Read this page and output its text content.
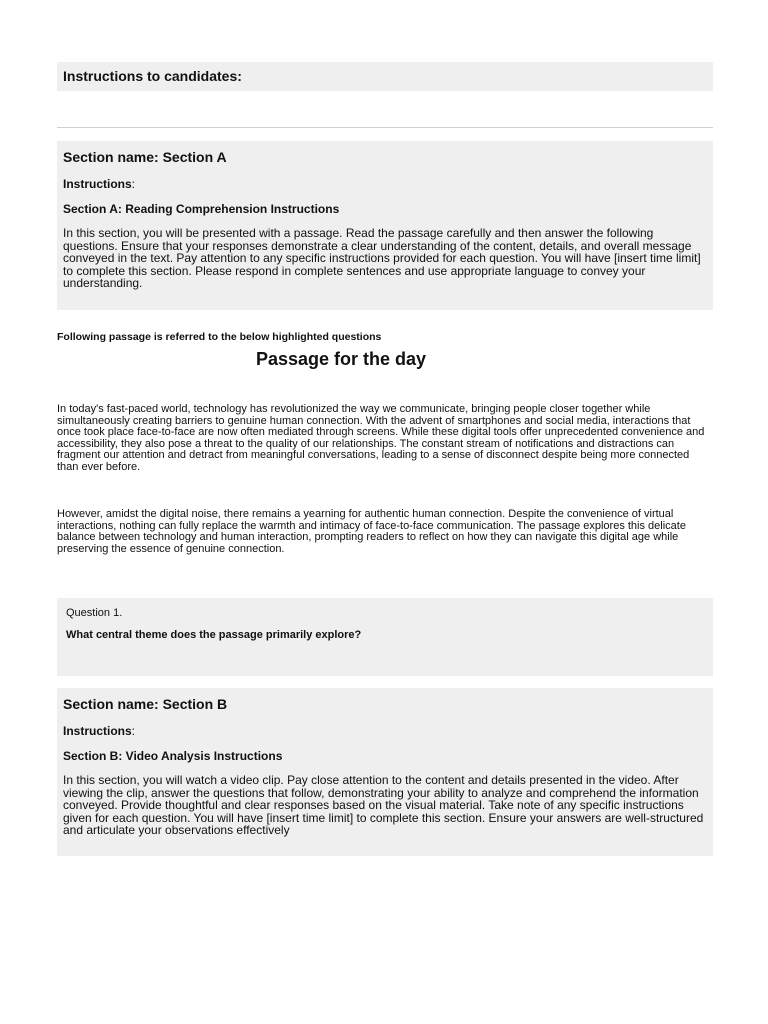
Instructions to candidates:
Section name: Section A

Instructions:

Section A: Reading Comprehension Instructions

In this section, you will be presented with a passage. Read the passage carefully and then answer the following questions. Ensure that your responses demonstrate a clear understanding of the content, details, and overall message conveyed in the text. Pay attention to any specific instructions provided for each question. You will have [insert time limit] to complete this section. Please respond in complete sentences and use appropriate language to convey your understanding.

Following passage is referred to the below highlighted questions

Passage for the day

In today's fast-paced world, technology has revolutionized the way we communicate, bringing people closer together while simultaneously creating barriers to genuine human connection. With the advent of smartphones and social media, interactions that once took place face-to-face are now often mediated through screens. While these digital tools offer unprecedented convenience and accessibility, they also pose a threat to the quality of our relationships. The constant stream of notifications and distractions can fragment our attention and detract from meaningful conversations, leading to a sense of disconnect despite being more connected than ever before.

However, amidst the digital noise, there remains a yearning for authentic human connection. Despite the convenience of virtual interactions, nothing can fully replace the warmth and intimacy of face-to-face communication. The passage explores this delicate balance between technology and human interaction, prompting readers to reflect on how they can navigate this digital age while preserving the essence of genuine connection.

Question 1.

What central theme does the passage primarily explore?

Section name: Section B

Instructions:

Section B: Video Analysis Instructions

In this section, you will watch a video clip. Pay close attention to the content and details presented in the video. After viewing the clip, answer the questions that follow, demonstrating your ability to analyze and comprehend the information conveyed. Provide thoughtful and clear responses based on the visual material. Take note of any specific instructions given for each question. You will have [insert time limit] to complete this section. Ensure your answers are well-structured and articulate your observations effectively
